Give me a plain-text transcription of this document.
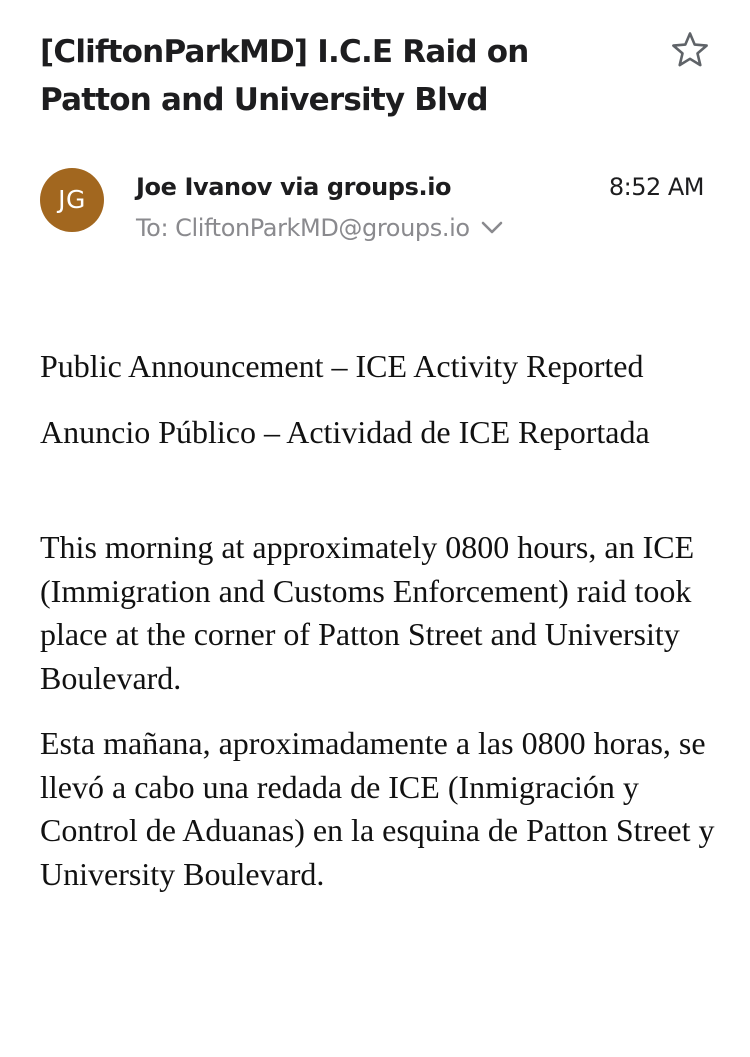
[CliftonParkMD] I.C.E Raid on Patton and University Blvd
JG	Joe Ivanov via groups.io	8:52 AM
To: CliftonParkMD@groups.io

Public Announcement – ICE Activity Reported

Anuncio Público – Actividad de ICE Reportada

This morning at approximately 0800 hours, an ICE (Immigration and Customs Enforcement) raid took place at the corner of Patton Street and University Boulevard.

Esta mañana, aproximadamente a las 0800 horas, se llevó a cabo una redada de ICE (Inmigración y Control de Aduanas) en la esquina de Patton Street y University Boulevard.
